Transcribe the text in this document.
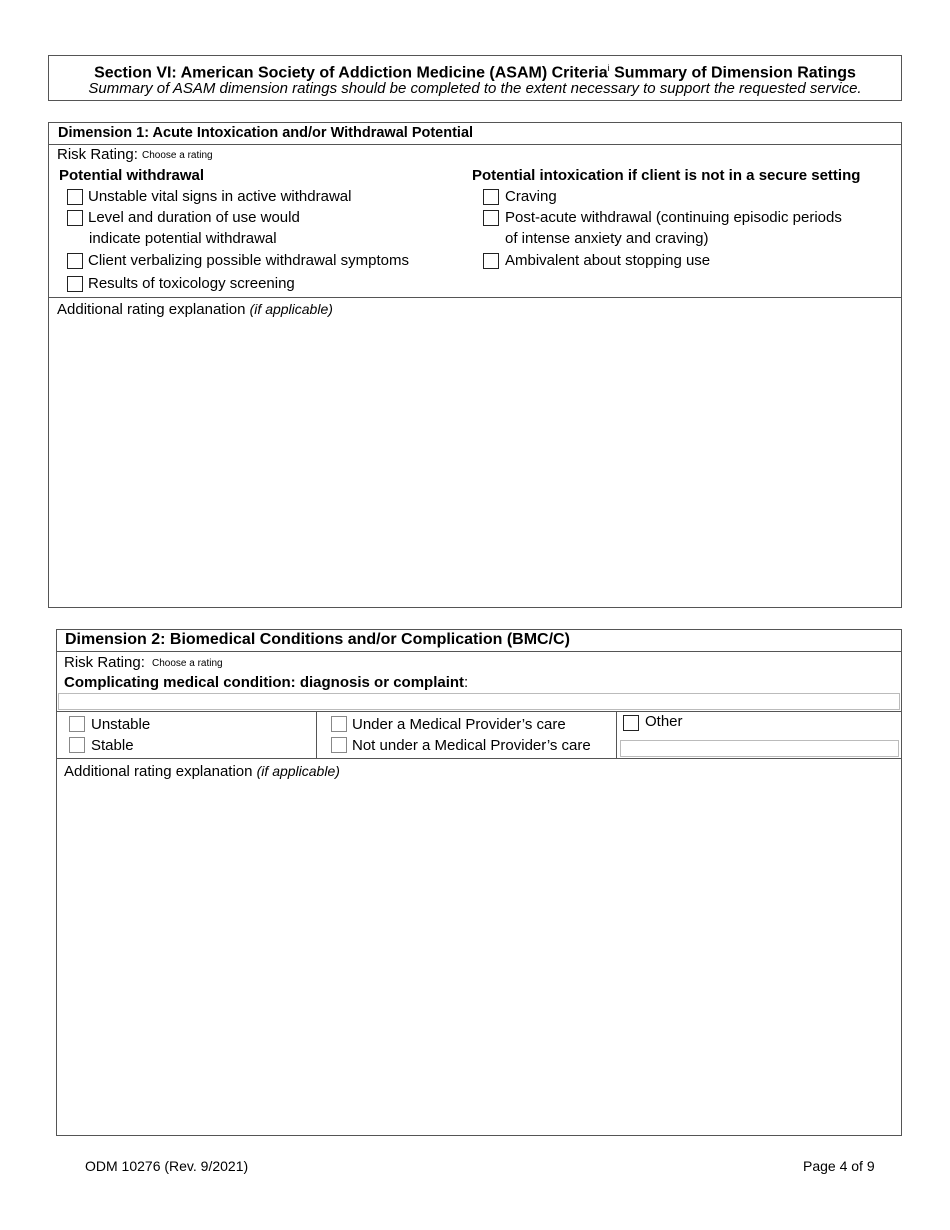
Section VI: American Society of Addiction Medicine (ASAM) Criteria$^i$ Summary of Dimension Ratings
Summary of ASAM dimension ratings should be completed to the extent necessary to support the requested service.
Dimension 1: Acute Intoxication and/or Withdrawal Potential
Risk Rating: Choose a rating
Potential withdrawal	Potential intoxication if client is not in a secure setting
Unstable vital signs in active withdrawal
Level and duration of use would
indicate potential withdrawal
Client verbalizing possible withdrawal symptoms
Results of toxicology screening
Craving
Post-acute withdrawal (continuing episodic periods
of intense anxiety and craving)
Ambivalent about stopping use
Additional rating explanation (if applicable)
Dimension 2: Biomedical Conditions and/or Complication (BMC/C)
Risk Rating: Choose a rating
Complicating medical condition: diagnosis or complaint:
Unstable
Stable
Under a Medical Provider’s care
Not under a Medical Provider’s care
Other
Additional rating explanation (if applicable)
ODM 10276 (Rev. 9/2021)	Page 4 of 9
